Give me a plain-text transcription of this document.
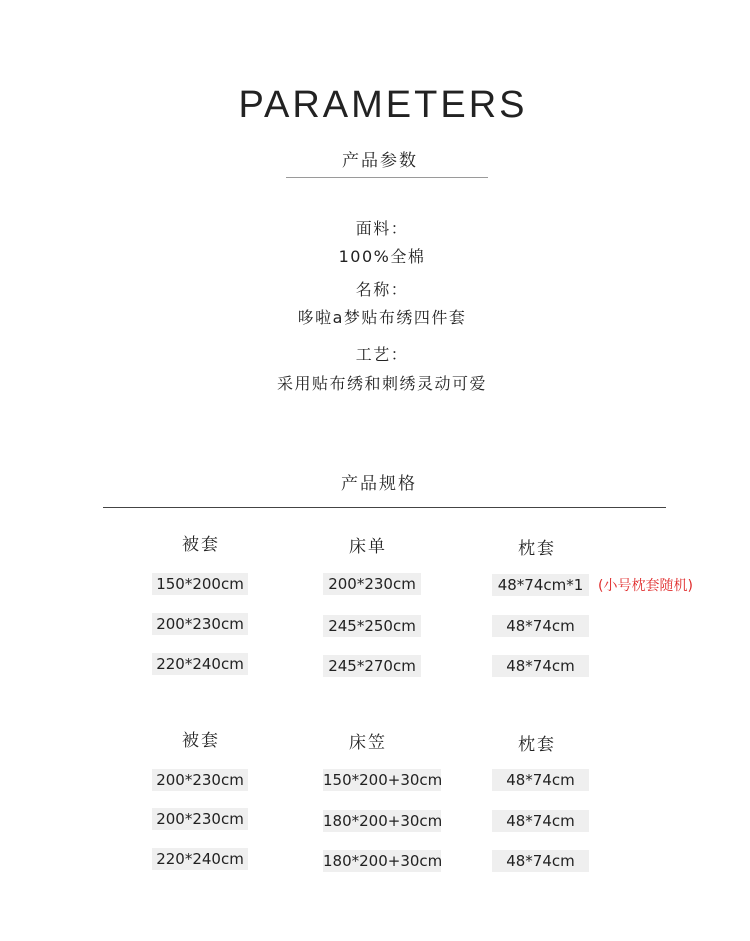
PARAMETERS
产品参数
面料：
100%全棉
名称：
哆啦a梦贴布绣四件套
工艺：
采用贴布绣和刺绣灵动可爱
产品规格
被套	床单	枕套
150*200cm	200*230cm	48*74cm*1	(小号枕套随机)
200*230cm	245*250cm	48*74cm
220*240cm	245*270cm	48*74cm
被套	床笠	枕套
200*230cm	150*200+30cm	48*74cm
200*230cm	180*200+30cm	48*74cm
220*240cm	180*200+30cm	48*74cm
